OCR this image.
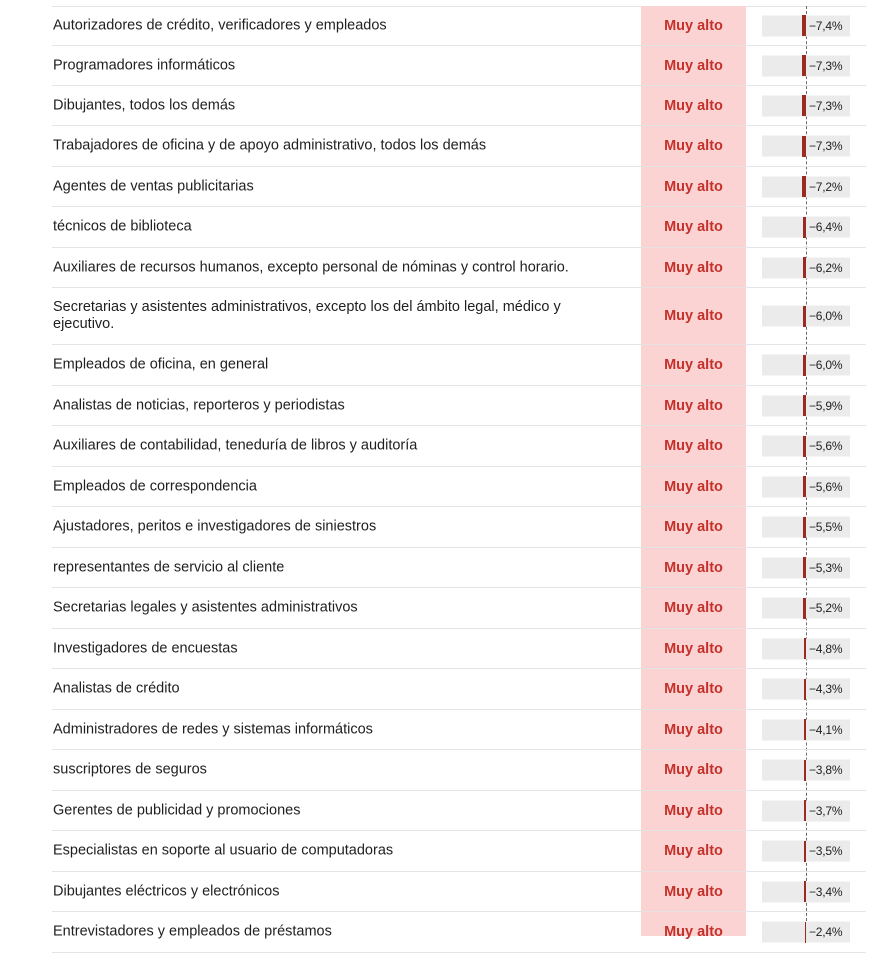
Autorizadores de crédito, verificadores y empleados	Muy alto	−7,4%
Programadores informáticos	Muy alto	−7,3%
Dibujantes, todos los demás	Muy alto	−7,3%
Trabajadores de oficina y de apoyo administrativo, todos los demás	Muy alto	−7,3%
Agentes de ventas publicitarias	Muy alto	−7,2%
técnicos de biblioteca	Muy alto	−6,4%
Auxiliares de recursos humanos, excepto personal de nóminas y control horario.	Muy alto	−6,2%
Secretarias y asistentes administrativos, excepto los del ámbito legal, médico y ejecutivo.	Muy alto	−6,0%
Empleados de oficina, en general	Muy alto	−6,0%
Analistas de noticias, reporteros y periodistas	Muy alto	−5,9%
Auxiliares de contabilidad, teneduría de libros y auditoría	Muy alto	−5,6%
Empleados de correspondencia	Muy alto	−5,6%
Ajustadores, peritos e investigadores de siniestros	Muy alto	−5,5%
representantes de servicio al cliente	Muy alto	−5,3%
Secretarias legales y asistentes administrativos	Muy alto	−5,2%
Investigadores de encuestas	Muy alto	−4,8%
Analistas de crédito	Muy alto	−4,3%
Administradores de redes y sistemas informáticos	Muy alto	−4,1%
suscriptores de seguros	Muy alto	−3,8%
Gerentes de publicidad y promociones	Muy alto	−3,7%
Especialistas en soporte al usuario de computadoras	Muy alto	−3,5%
Dibujantes eléctricos y electrónicos	Muy alto	−3,4%
Entrevistadores y empleados de préstamos	Muy alto	−2,4%
